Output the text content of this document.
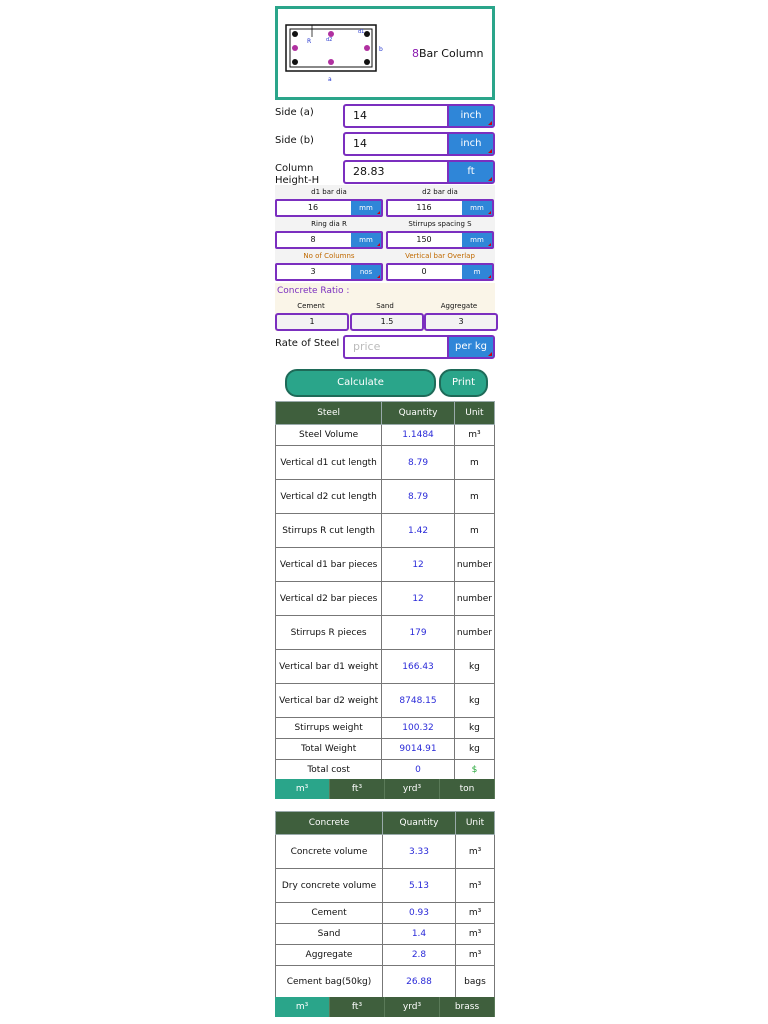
R	d2
d1
b
a
8Bar Column
Side (a)	14	inch
Side (b)	14	inch
Column Height-H
28.83	ft
d1 bar dia
16	mm
d2 bar dia
116	mm
Ring dia R
8	mm
Stirrups spacing S
150	mm
No of Columns
3	nos
Vertical bar Overlap
0	m
Concrete Ratio :
Cement	Sand	Aggregate
1	1.5	3
Rate of Steel	price	per kg
Calculate	Print
Steel	Quantity	Unit
Steel Volume	1.1484	m³
Vertical d1 cut length	8.79	m
Vertical d2 cut length	8.79	m
Stirrups R cut length	1.42	m
Vertical d1 bar pieces	12	number
Vertical d2 bar pieces	12	number
Stirrups R pieces	179	number
Vertical bar d1 weight	166.43	kg
Vertical bar d2 weight	8748.15	kg
Stirrups weight	100.32	kg
Total Weight	9014.91	kg
Total cost	0	$
m³	ft³	yrd³	ton
Concrete	Quantity	Unit
Concrete volume	3.33	m³
Dry concrete volume	5.13	m³
Cement	0.93	m³
Sand	1.4	m³
Aggregate	2.8	m³
Cement bag(50kg)	26.88	bags
m³	ft³	yrd³	brass
